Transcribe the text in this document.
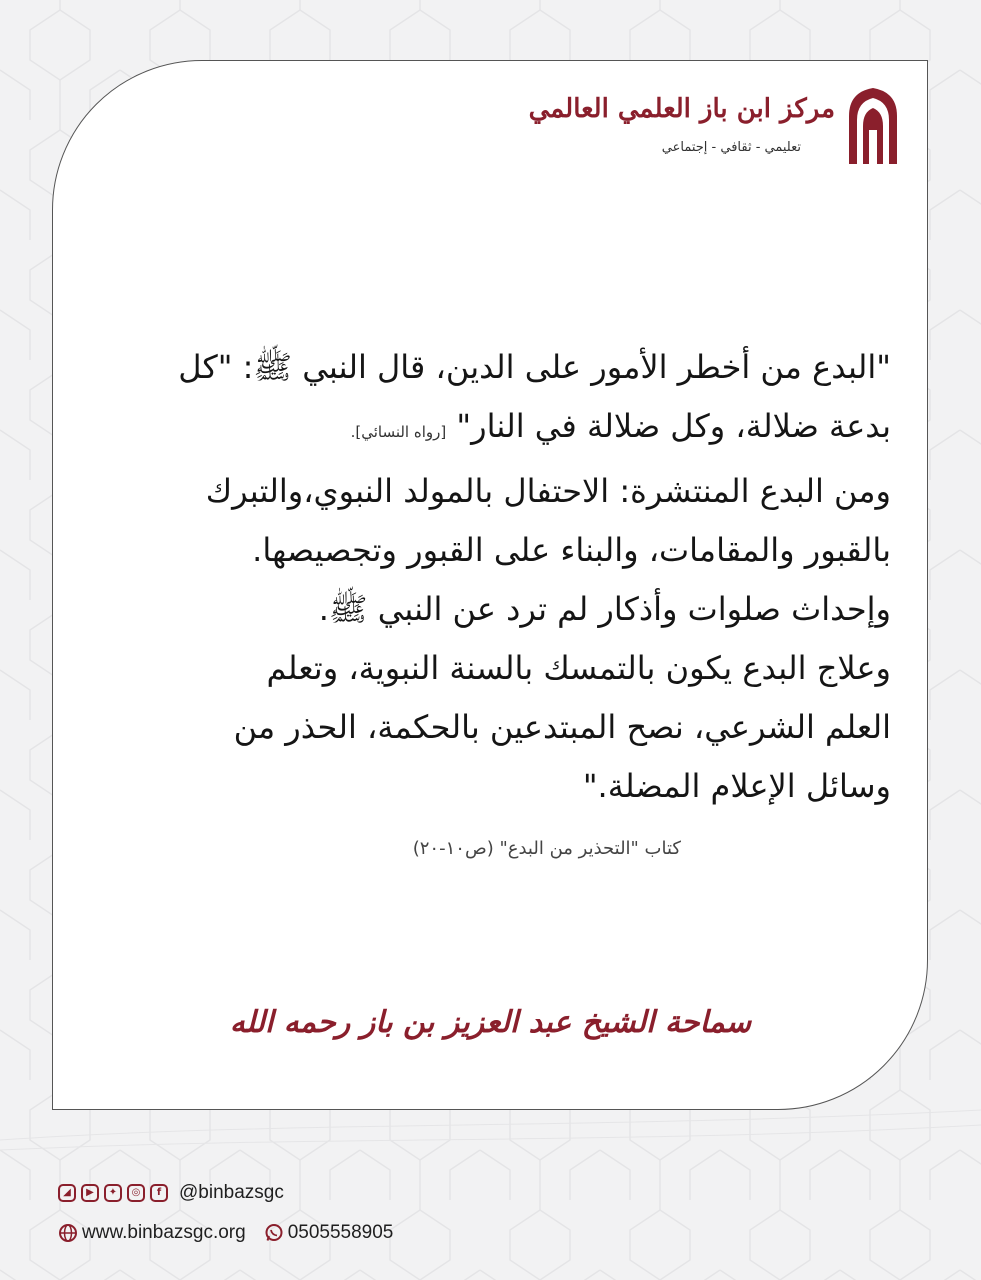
مركز ابن باز العلمي العالمي
تعليمي - ثقافي - إجتماعي

"البدع من أخطر الأمور على الدين، قال النبي ﷺ: "كل

بدعة ضلالة، وكل ضلالة في النار" [رواه النسائي].

ومن البدع المنتشرة: الاحتفال بالمولد النبوي،والتبرك

بالقبور والمقامات، والبناء على القبور وتجصيصها.

وإحداث صلوات وأذكار لم ترد عن النبي ﷺ.

وعلاج البدع يكون بالتمسك بالسنة النبوية، وتعلم

العلم الشرعي، نصح المبتدعين بالحكمة، الحذر من

وسائل الإعلام المضلة."

كتاب "التحذير من البدع" (ص١٠-٢٠)
سماحة الشيخ عبد العزيز بن باز رحمه الله
◢	▶	✦	◎	f @binbazsgc
www.binbazsgc.org 0505558905
